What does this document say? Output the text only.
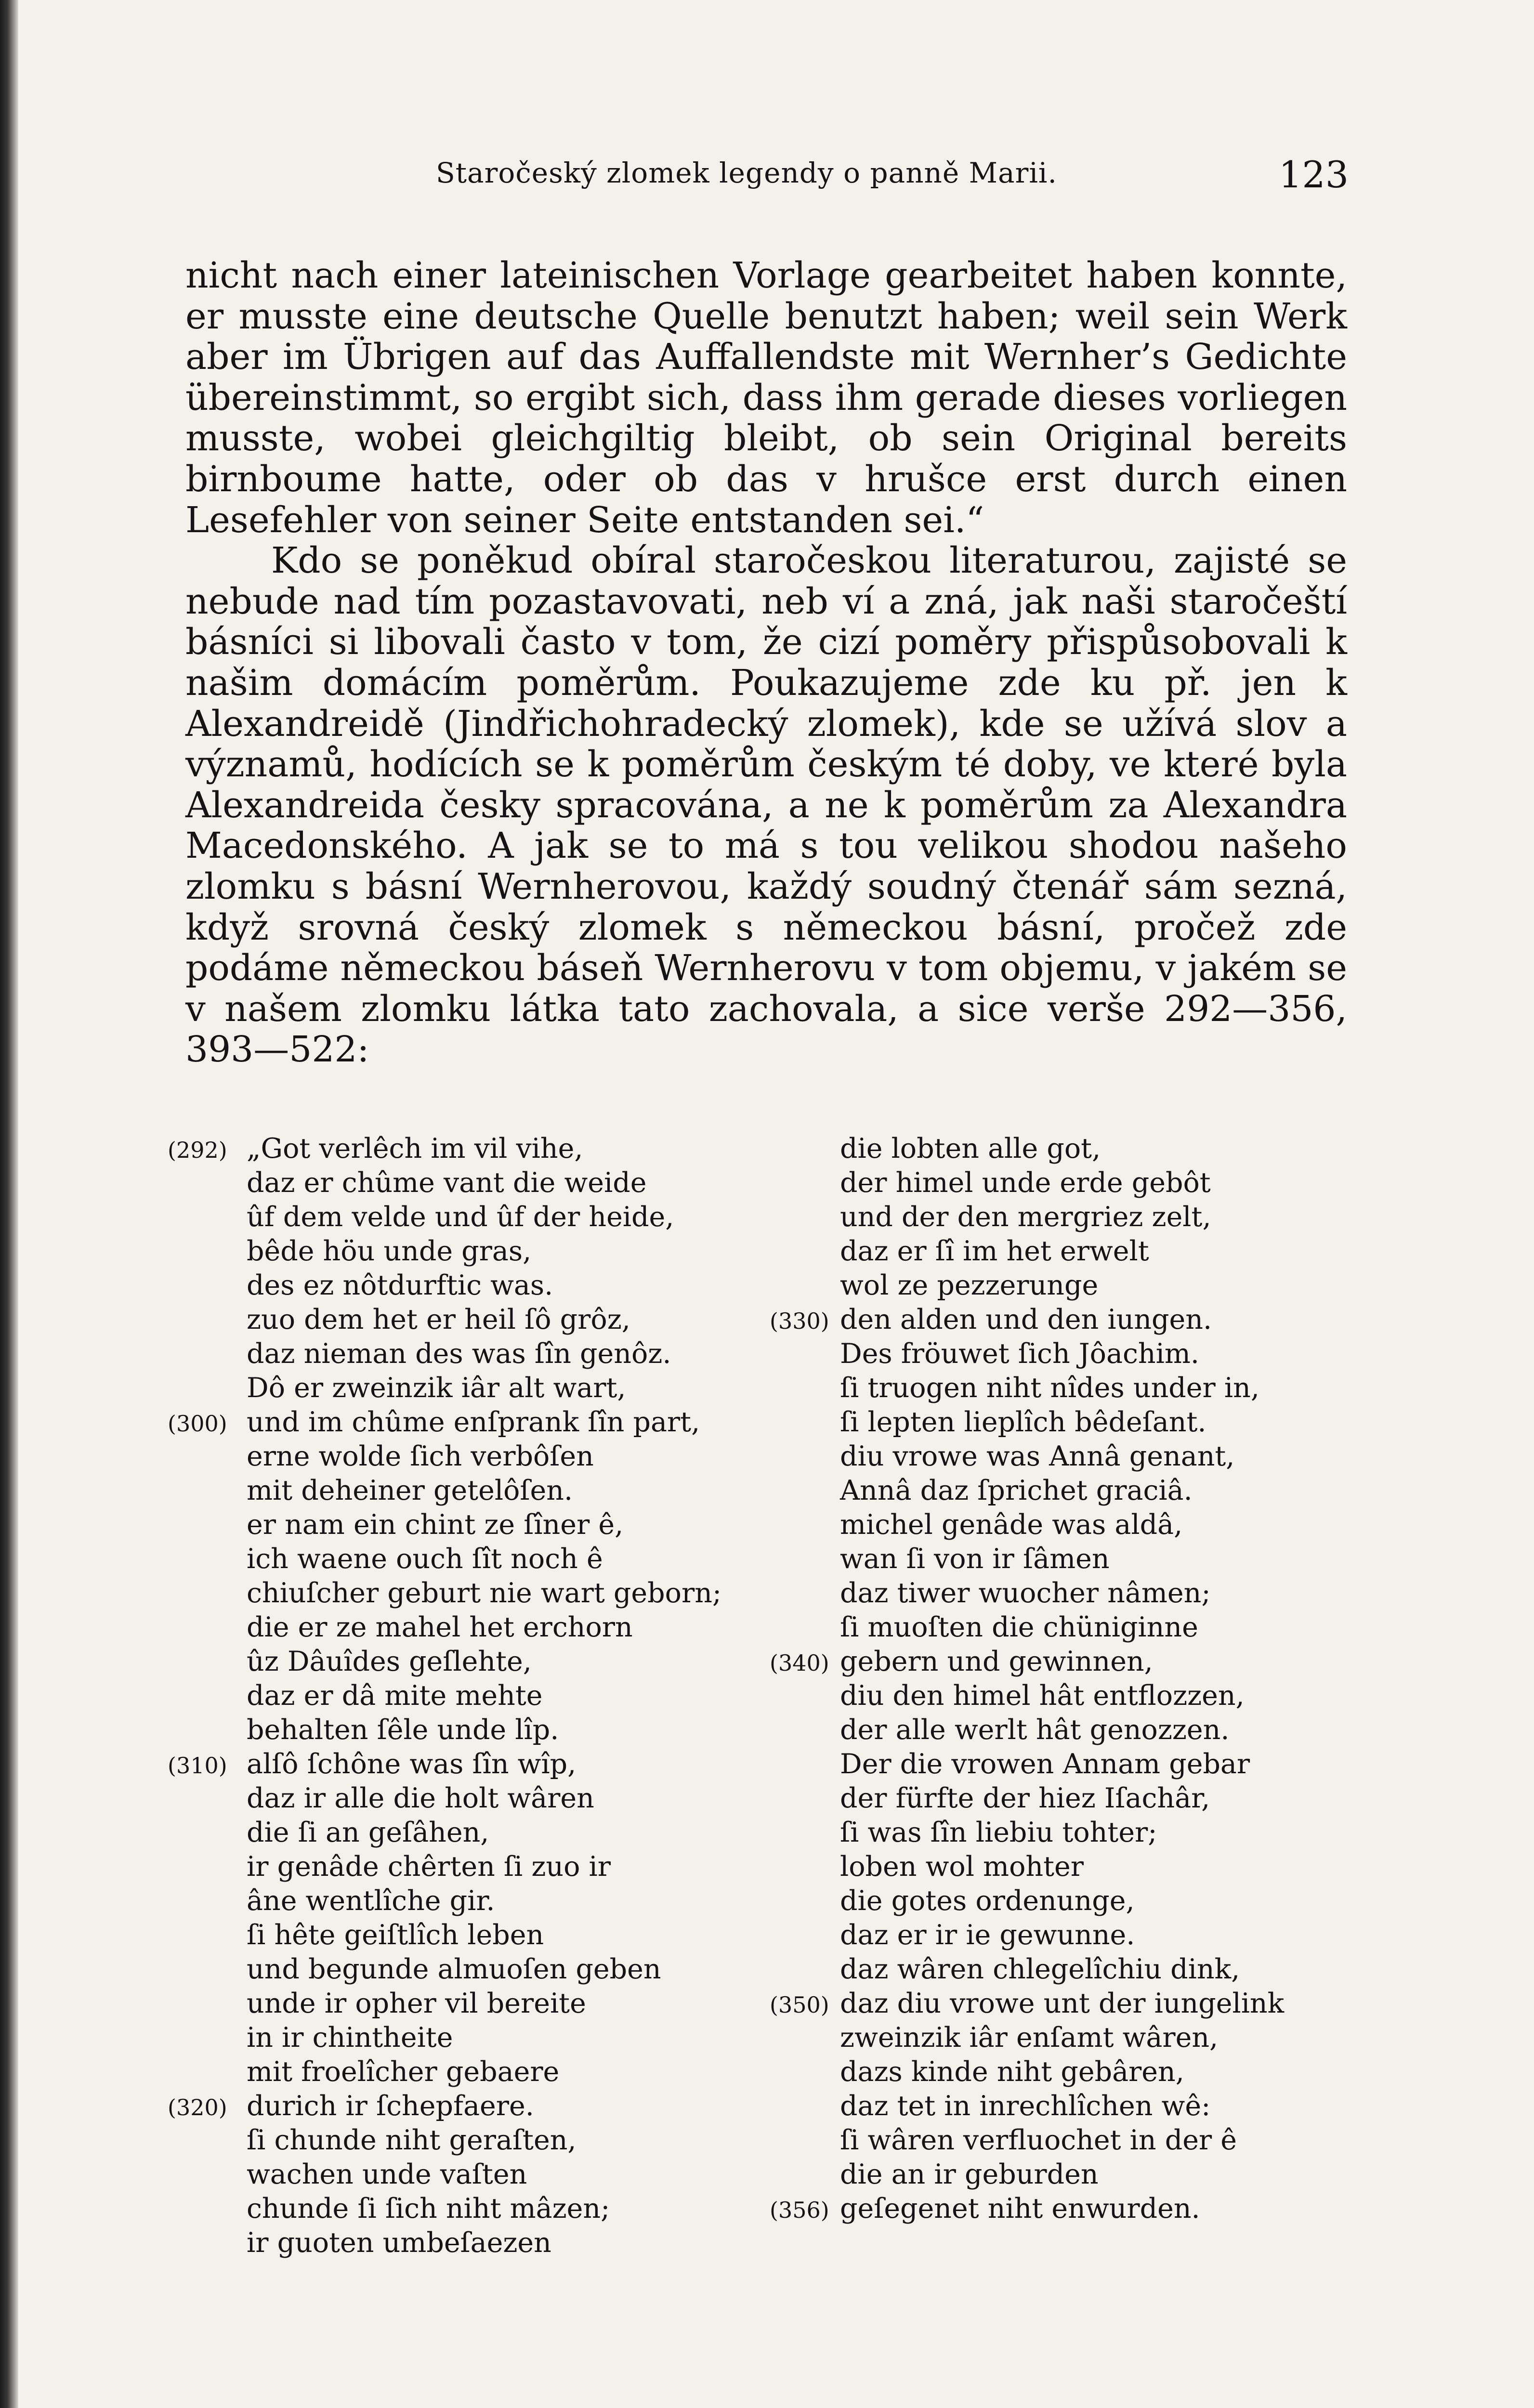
Staročeský zlomek legendy o panně Marii.	123

nicht nach einer lateinischen Vorlage gearbeitet haben konnte, er musste eine deutsche Quelle benutzt haben; weil sein Werk aber im Übrigen auf das Auffallendste mit Wernher’s Gedichte übereinstimmt, so ergibt sich, dass ihm gerade dieses vorliegen musste, wobei gleichgiltig bleibt, ob sein Original bereits birnboume hatte, oder ob das v hrušce erst durch einen Lesefehler von seiner Seite entstanden sei.“

Kdo se poněkud obíral staročeskou literaturou, zajisté se nebude nad tím pozastavovati, neb ví a zná, jak naši staročeští básníci si libovali často v tom, že cizí poměry přispůsobovali k našim domácím poměrům. Poukazujeme zde ku př. jen k Alexandreidě (Jindřichohradecký zlomek), kde se užívá slov a významů, hodících se k poměrům českým té doby, ve které byla Alexandreida česky spracována, a ne k poměrům za Alexandra Macedonského. A jak se to má s tou velikou shodou našeho zlomku s básní Wernherovou, každý soudný čtenář sám sezná, když srovná český zlomek s německou básní, pročež zde podáme německou báseň Wernherovu v tom objemu, v jakém se v našem zlomku látka tato zachovala, a sice verše 292—356, 393—522:

(292) „Got verlêch im vil vihe,
daz er chûme vant die weide
ûf dem velde und ûf der heide,
bêde höu unde gras,
des ez nôtdurftic was.
zuo dem het er heil ſô grôz,
daz nieman des was ſîn genôz.
Dô er zweinzik iâr alt wart,
(300) und im chûme enſprank ſîn part,
erne wolde ſich verbôſen
mit deheiner getelôſen.
er nam ein chint ze ſîner ê,
ich waene ouch ſît noch ê
chiuſcher geburt nie wart geborn;
die er ze mahel het erchorn
ûz Dâuîdes geſlehte,
daz er dâ mite mehte
behalten ſêle unde lîp.
(310) alſô ſchône was ſîn wîp,
daz ir alle die holt wâren
die ſi an geſâhen,
ir genâde chêrten ſi zuo ir
âne wentlîche gir.
ſi hête geiſtlîch leben
und begunde almuoſen geben
unde ir opher vil bereite
in ir chintheite
mit froelîcher gebaere
(320) durich ir ſchepfaere.
ſi chunde niht geraſten,
wachen unde vaſten
chunde ſi ſich niht mâzen;
ir guoten umbeſaezen
die lobten alle got,
der himel unde erde gebôt
und der den mergriez zelt,
daz er ſî im het erwelt
wol ze pezzerunge
(330) den alden und den iungen.
Des fröuwet ſich Jôachim.
ſi truogen niht nîdes under in,
ſi lepten lieplîch bêdeſant.
diu vrowe was Annâ genant,
Annâ daz ſprichet graciâ.
michel genâde was aldâ,
wan ſi von ir ſâmen
daz tiwer wuocher nâmen;
ſi muoſten die chüniginne
(340) gebern und gewinnen,
diu den himel hât entflozzen,
der alle werlt hât genozzen.
Der die vrowen Annam gebar
der fürfte der hiez Iſachâr,
ſi was ſîn liebiu tohter;
loben wol mohter
die gotes ordenunge,
daz er ir ie gewunne.
daz wâren chlegelîchiu dink,
(350) daz diu vrowe unt der iungelink
zweinzik iâr enſamt wâren,
dazs kinde niht gebâren,
daz tet in inrechlîchen wê:
ſi wâren verfluochet in der ê
die an ir geburden
(356) geſegenet niht enwurden.
